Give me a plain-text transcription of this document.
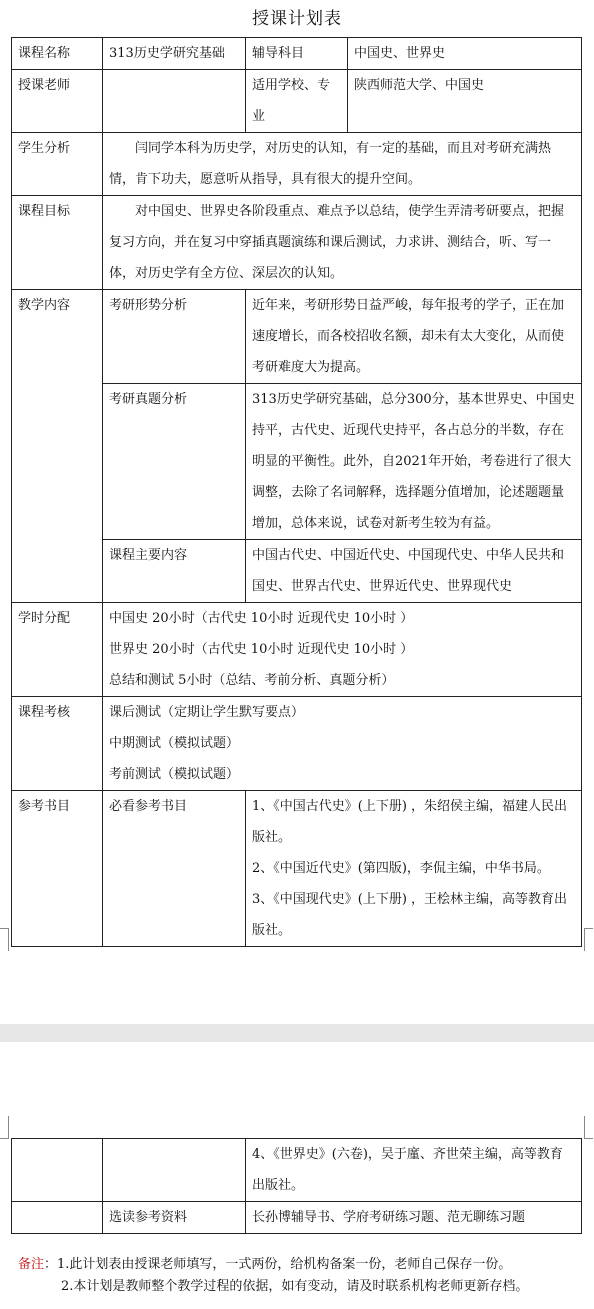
授课计划表
课程名称	313历史学研究基础	辅导科目	中国史、世界史
授课老师		适用学校、专业	陕西师范大学、中国史
学生分析	闫同学本科为历史学，对历史的认知，有一定的基础，而且对考研充满热情，肯下功夫，愿意听从指导，具有很大的提升空间。		

课程目标	对中国史、世界史各阶段重点、难点予以总结，使学生弄清考研要点，把握复习方向，并在复习中穿插真题演练和课后测试，力求讲、测结合，听、写一体，对历史学有全方位、深层次的认知。		

教学内容	考研形势分析	近年来，考研形势日益严峻，每年报考的学子，正在加速度增长，而各校招收名额，却未有太大变化，从而使考研难度大为提高。	
	考研真题分析	313历史学研究基础，总分300分，基本世界史、中国史持平，古代史、近现代史持平，各占总分的半数，存在明显的平衡性。此外，自2021年开始，考卷进行了很大调整，去除了名词解释，选择题分值增加，论述题题量增加，总体来说，试卷对新考生较为有益。	
	课程主要内容	中国古代史、中国近代史、中国现代史、中华人民共和国史、世界古代史、世界近代史、世界现代史	
学时分配	中国史 20小时（古代史 10小时 近现代史 10小时 ）
世界史 20小时（古代史 10小时 近现代史 10小时 ）
总结和测试 5小时（总结、考前分析、真题分析）		

课程考核	课后测试（定期让学生默写要点）
中期测试（模拟试题）
考前测试（模拟试题）		

参考书目	必看参考书目	1、《中国古代史》(上下册) ，朱绍侯主编，福建人民出版社。
2、《中国近代史》(第四版)，李侃主编，中华书局。
3、《中国现代史》(上下册) ，王桧林主编，高等教育出版社。	
		4、《世界史》(六卷)，吴于廑、齐世荣主编，高等教育出版社。
	选读参考资料	长孙博辅导书、学府考研练习题、范无聊练习题
备注：1.此计划表由授课老师填写，一式两份，给机构备案一份，老师自己保存一份。
2.本计划是教师整个教学过程的依据，如有变动，请及时联系机构老师更新存档。
